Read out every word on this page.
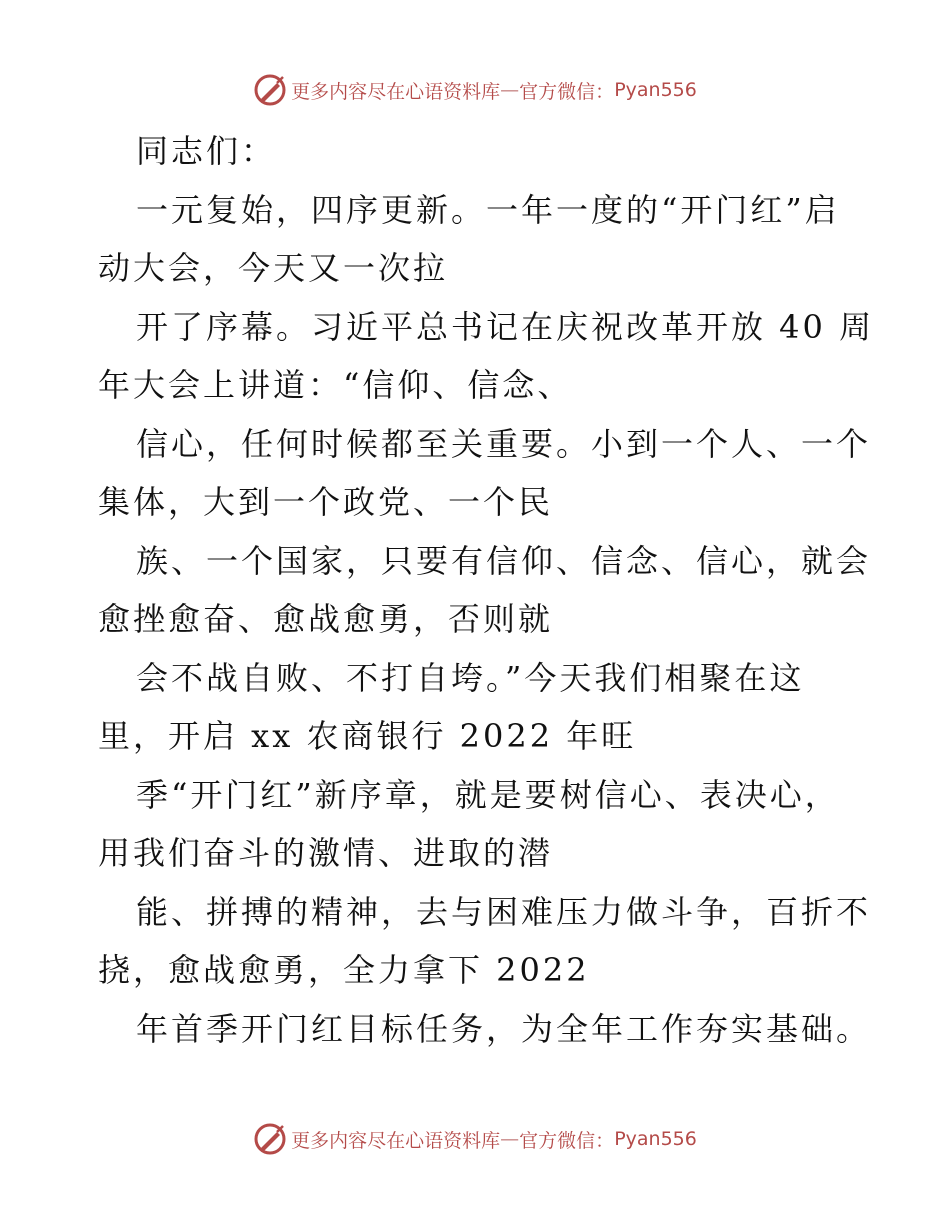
更多内容尽在心语资料库 — 官方微信： Pyan556
同志们：
一元复始，四序更新。一年一度的“开门红”启
动大会，今天又一次拉
开了序幕。习近平总书记在庆祝改革开放 40 周
年大会上讲道：“信仰、信念、
信心，任何时候都至关重要。小到一个人、一个
集体，大到一个政党、一个民
族、一个国家，只要有信仰、信念、信心，就会
愈挫愈奋、愈战愈勇，否则就
会不战自败、不打自垮。”今天我们相聚在这
里，开启 xx 农商银行 2022 年旺
季“开门红”新序章，就是要树信心、表决心，
用我们奋斗的激情、进取的潜
能、拼搏的精神，去与困难压力做斗争，百折不
挠，愈战愈勇，全力拿下 2022
年首季开门红目标任务，为全年工作夯实基础。
更多内容尽在心语资料库 — 官方微信： Pyan556
